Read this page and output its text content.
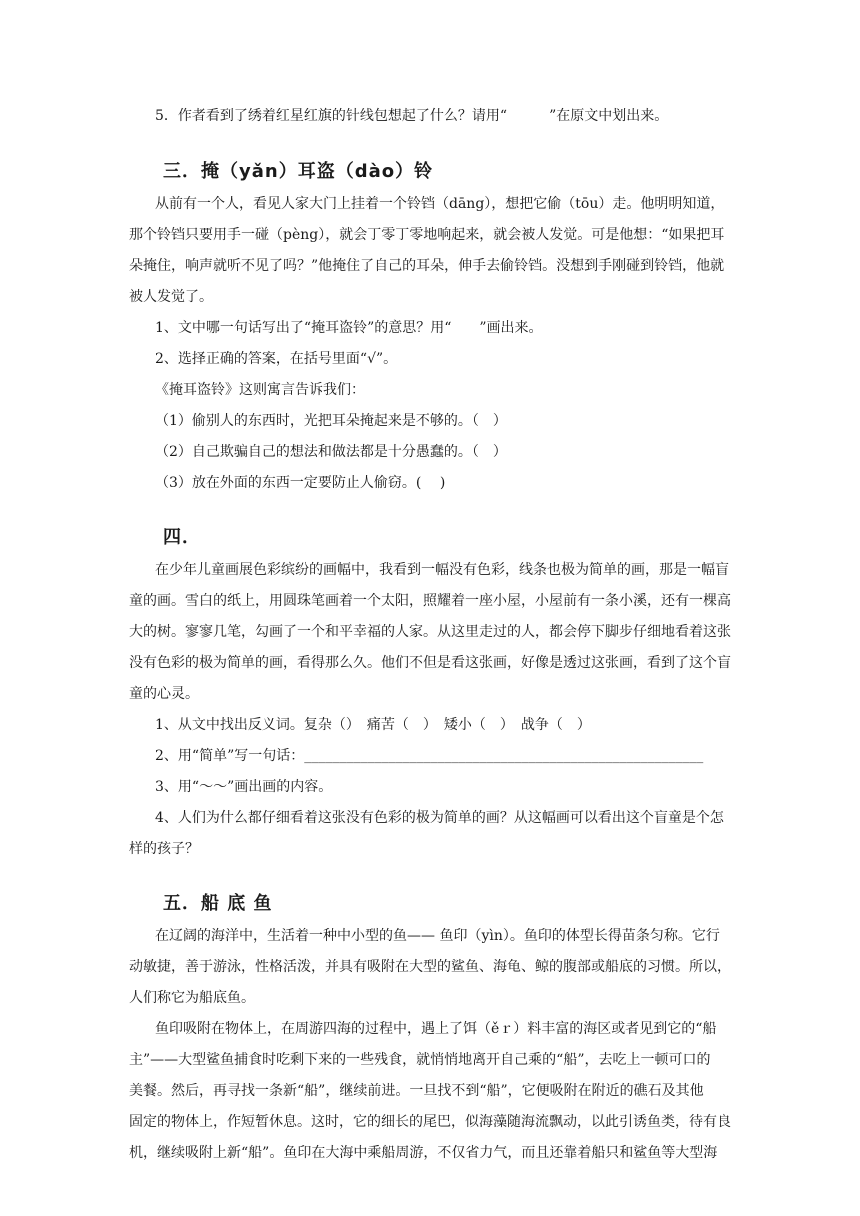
5．作者看到了绣着红星红旗的针线包想起了什么？请用“　　　”在原文中划出来。
三．掩（yǎn）耳盗（dào）铃
从前有一个人，看见人家大门上挂着一个铃铛（dāng），想把它偷（tōu）走。他明明知道，
那个铃铛只要用手一碰（pèng），就会丁零丁零地响起来，就会被人发觉。可是他想：“如果把耳
朵掩住，响声就听不见了吗？”他掩住了自己的耳朵，伸手去偷铃铛。没想到手刚碰到铃铛，他就
被人发觉了。
1、文中哪一句话写出了“掩耳盗铃”的意思？用“　　”画出来。
2、选择正确的答案，在括号里面“√”。
《掩耳盗铃》这则寓言告诉我们：
（1）偷别人的东西时，光把耳朵掩起来是不够的。（　）
（2）自己欺骗自己的想法和做法都是十分愚蠢的。（　）
（3）放在外面的东西一定要防止人偷窃。(　 )
四．
在少年儿童画展色彩缤纷的画幅中，我看到一幅没有色彩，线条也极为简单的画，那是一幅盲
童的画。雪白的纸上，用圆珠笔画着一个太阳，照耀着一座小屋，小屋前有一条小溪，还有一棵高
大的树。寥寥几笔，勾画了一个和平幸福的人家。从这里走过的人，都会停下脚步仔细地看着这张
没有色彩的极为简单的画，看得那么久。他们不但是看这张画，好像是透过这张画，看到了这个盲
童的心灵。
1、从文中找出反义词。复杂（）　痛苦（　）　矮小（　）　战争（　）
2、用“简单”写一句话：_________________________________________________________
3、用“～～”画出画的内容。
4、人们为什么都仔细看着这张没有色彩的极为简单的画？从这幅画可以看出这个盲童是个怎
样的孩子？
五．船 底 鱼
在辽阔的海洋中，生活着一种中小型的鱼—— 鱼印（yìn）。鱼印的体型长得苗条匀称。它行
动敏捷，善于游泳，性格活泼，并具有吸附在大型的鲨鱼、海龟、鲸的腹部或船底的习惯。所以，
人们称它为船底鱼。
鱼印吸附在物体上，在周游四海的过程中，遇上了饵（ěｒ）料丰富的海区或者见到它的“船
主”——大型鲨鱼捕食时吃剩下来的一些残食，就悄悄地离开自己乘的“船”，去吃上一顿可口的
美餐。然后，再寻找一条新“船”，继续前进。一旦找不到“船”，它便吸附在附近的礁石及其他
固定的物体上，作短暂休息。这时，它的细长的尾巴，似海藻随海流飘动，以此引诱鱼类，待有良
机，继续吸附上新“船”。鱼印在大海中乘船周游，不仅省力气，而且还靠着船只和鲨鱼等大型海
